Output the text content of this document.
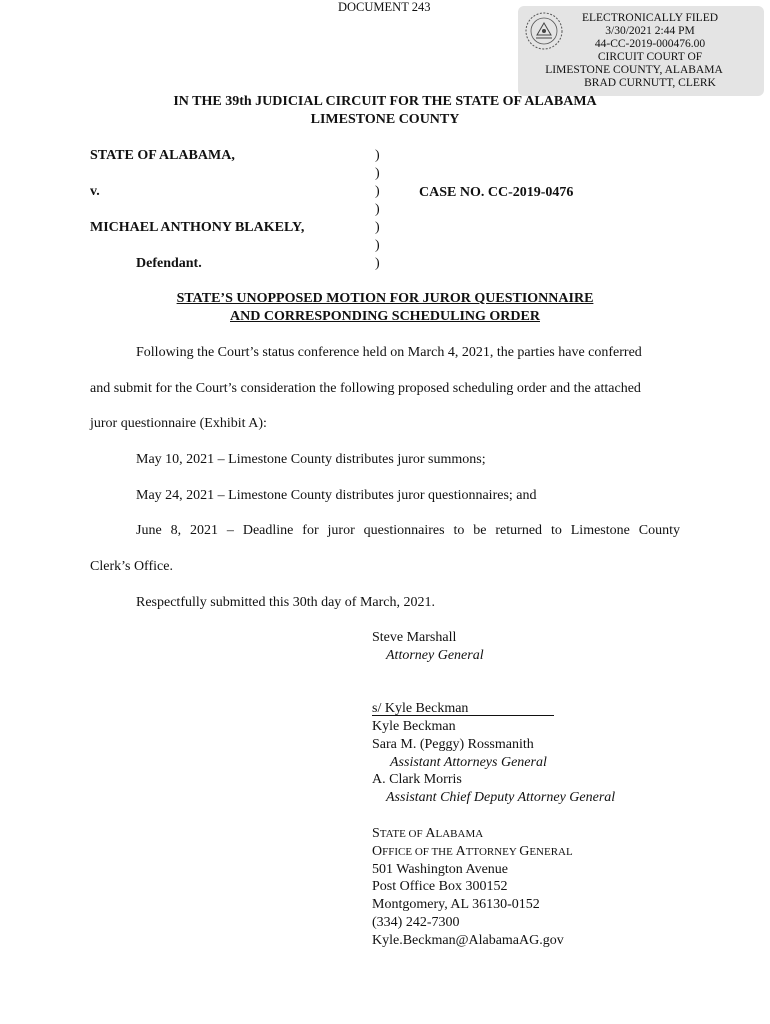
DOCUMENT 243
ELECTRONICALLY FILED
3/30/2021 2:44 PM
44-CC-2019-000476.00
CIRCUIT COURT OF
LIMESTONE COUNTY, ALABAMA
BRAD CURNUTT, CLERK
IN THE 39th JUDICIAL CIRCUIT FOR THE STATE OF ALABAMA
LIMESTONE COUNTY
STATE OF ALABAMA,
v.
MICHAEL ANTHONY BLAKELY,
Defendant.
)
)
)
)
)
)
)
CASE NO. CC-2019-0476
STATE’S UNOPPOSED MOTION FOR JUROR QUESTIONNAIRE
AND CORRESPONDING SCHEDULING ORDER
Following the Court’s status conference held on March 4, 2021, the parties have conferred
and submit for the Court’s consideration the following proposed scheduling order and the attached
juror questionnaire (Exhibit A):
May 10, 2021 – Limestone County distributes juror summons;
May 24, 2021 – Limestone County distributes juror questionnaires; and
June 8, 2021 – Deadline for juror questionnaires to be returned to Limestone County
Clerk’s Office.
Respectfully submitted this 30th day of March, 2021.
Steve Marshall
Attorney General
s/ Kyle Beckman
Kyle Beckman
Sara M. (Peggy) Rossmanith
Assistant Attorneys General
A. Clark Morris
Assistant Chief Deputy Attorney General
STATE OF ALABAMA
OFFICE OF THE ATTORNEY GENERAL
501 Washington Avenue
Post Office Box 300152
Montgomery, AL 36130-0152
(334) 242-7300
Kyle.Beckman@AlabamaAG.gov
